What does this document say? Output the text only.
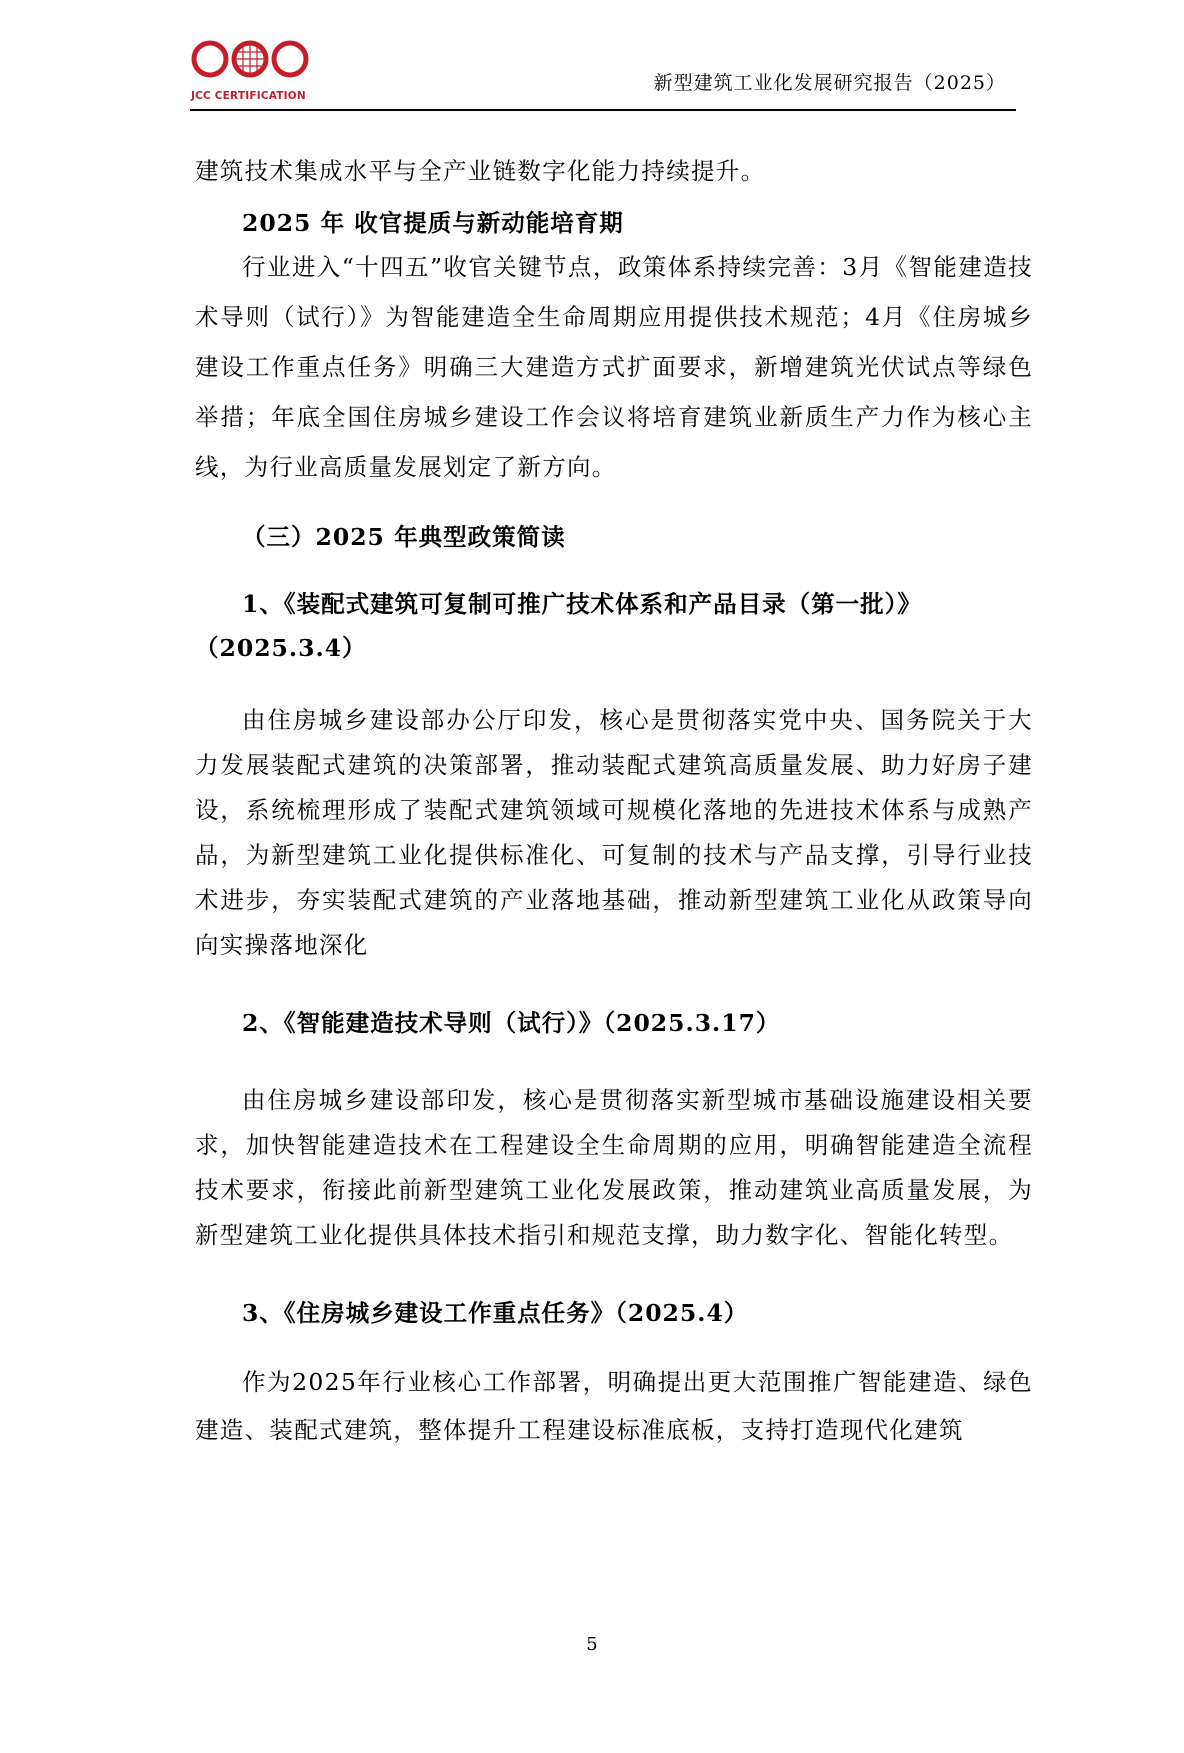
JCC CERTIFICATION
新型建筑工业化发展研究报告（2025）

建筑技术集成水平与全产业链数字化能力持续提升。

2025 年 收官提质与新动能培育期

行业进入“十四五”收官关键节点，政策体系持续完善：3月《智能建造技术导则（试行）》为智能建造全生命周期应用提供技术规范；4月《住房城乡建设工作重点任务》明确三大建造方式扩面要求，新增建筑光伏试点等绿色举措；年底全国住房城乡建设工作会议将培育建筑业新质生产力作为核心主线，为行业高质量发展划定了新方向。

（三）2025 年典型政策简读

1、《装配式建筑可复制可推广技术体系和产品目录（第一批）》

（2025.3.4）

由住房城乡建设部办公厅印发，核心是贯彻落实党中央、国务院关于大力发展装配式建筑的决策部署，推动装配式建筑高质量发展、助力好房子建设，系统梳理形成了装配式建筑领域可规模化落地的先进技术体系与成熟产品，为新型建筑工业化提供标准化、可复制的技术与产品支撑，引导行业技术进步，夯实装配式建筑的产业落地基础，推动新型建筑工业化从政策导向向实操落地深化

2、《智能建造技术导则（试行）》（2025.3.17）

由住房城乡建设部印发，核心是贯彻落实新型城市基础设施建设相关要求，加快智能建造技术在工程建设全生命周期的应用，明确智能建造全流程技术要求，衔接此前新型建筑工业化发展政策，推动建筑业高质量发展，为新型建筑工业化提供具体技术指引和规范支撑，助力数字化、智能化转型。

3、《住房城乡建设工作重点任务》（2025.4）

作为2025年行业核心工作部署，明确提出更大范围推广智能建造、绿色建造、装配式建筑，整体提升工程建设标准底板，支持打造现代化建筑

5
